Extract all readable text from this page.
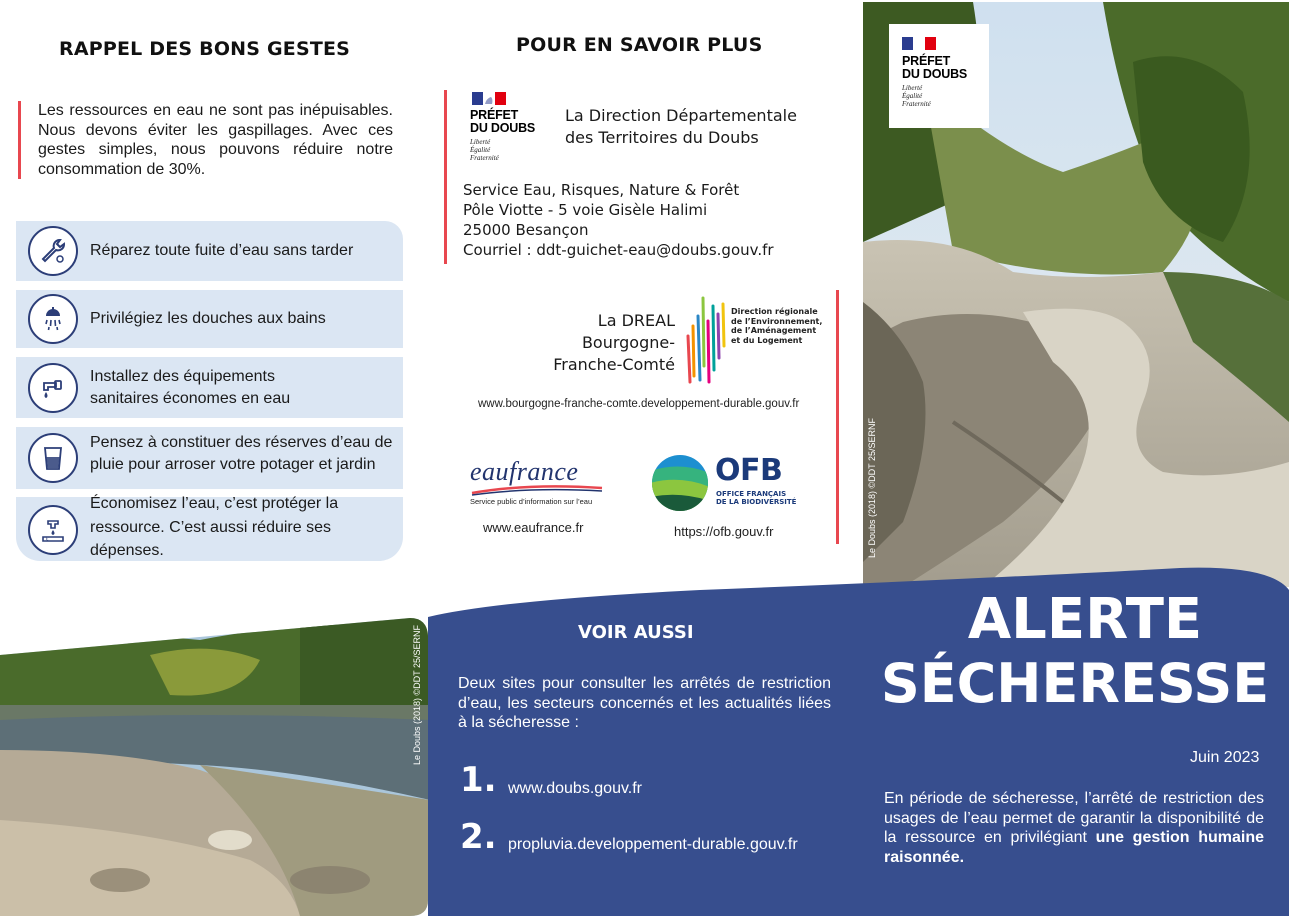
RAPPEL DES BONS GESTES
Les ressources en eau ne sont pas inépuisables. Nous devons éviter les gaspillages. Avec ces gestes simples, nous pouvons réduire notre consommation de 30%.
Réparez toute fuite d’eau sans tarder
Privilégiez les douches aux bains
Installez des équipements
sanitaires économes en eau
Pensez à constituer des réserves d’eau de
pluie pour arroser votre potager et jardin
€
Économisez l’eau, c’est protéger la
ressource. C’est aussi réduire ses
dépenses.
POUR EN SAVOIR PLUS
PRÉFET
DU DOUBS
Liberté
Égalité
Fraternité
La Direction Départementale
des Territoires du Doubs
Service Eau, Risques, Nature & Forêt
Pôle Viotte - 5 voie Gisèle Halimi
25000 Besançon
Courriel : ddt-guichet-eau@doubs.gouv.fr
La DREAL
Bourgogne-
Franche-Comté
Direction régionale
de l’Environnement,
de l’Aménagement
et du Logement
www.bourgogne-franche-comte.developpement-durable.gouv.fr
eaufrance
Service public d’information sur l’eau
www.eaufrance.fr
OFB
OFFICE FRANÇAIS
DE LA BIODIVERSITÉ
https://ofb.gouv.fr	Le Doubs (2018) ©DDT 25/SERNF
PRÉFET
DU DOUBS
Liberté
Égalité
Fraternité
Le Doubs (2018) ©DDT 25/SERNF	VOIR AUSSI
Deux sites pour consulter les arrêtés de restriction d’eau, les secteurs concernés et les actualités liées à la sécheresse :
1. www.doubs.gouv.fr
2. propluvia.developpement-durable.gouv.fr
ALERTE
SÉCHERESSE
Juin 2023
En période de sécheresse, l’arrêté de restriction des usages de l’eau permet de garantir la disponibilité de la ressource en privilégiant une gestion humaine raisonnée.
